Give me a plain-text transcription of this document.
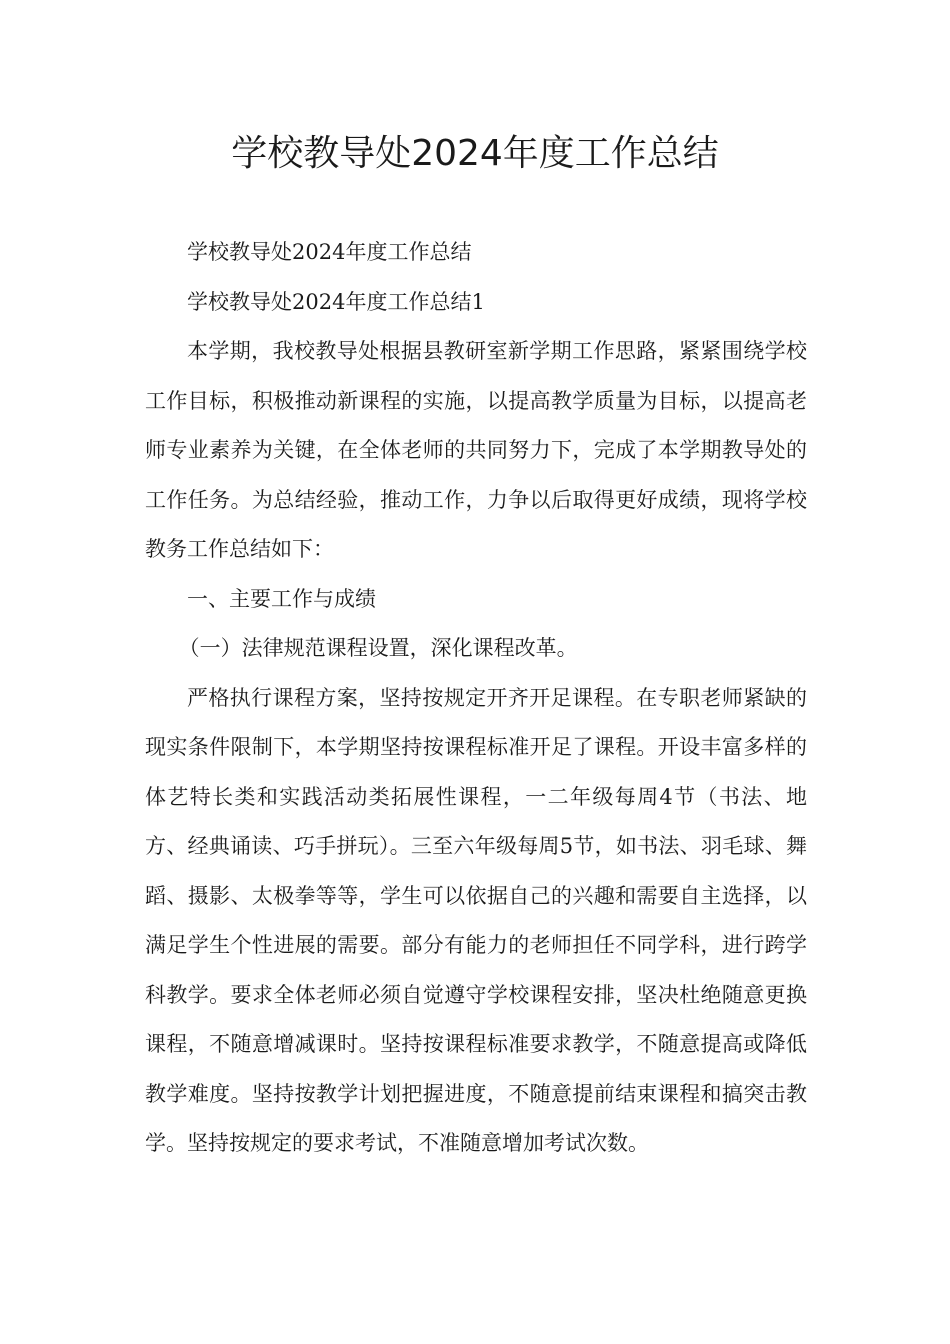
学校教导处2024年度工作总结

学校教导处2024年度工作总结

学校教导处2024年度工作总结1

本学期，我校教导处根据县教研室新学期工作思路，紧紧围绕学校工作目标，积极推动新课程的实施，以提高教学质量为目标，以提高老师专业素养为关键，在全体老师的共同努力下，完成了本学期教导处的工作任务。为总结经验，推动工作，力争以后取得更好成绩，现将学校教务工作总结如下：

一、主要工作与成绩

（一）法律规范课程设置，深化课程改革。

严格执行课程方案，坚持按规定开齐开足课程。在专职老师紧缺的现实条件限制下，本学期坚持按课程标准开足了课程。开设丰富多样的体艺特长类和实践活动类拓展性课程，一二年级每周4节（书法、地方、经典诵读、巧手拼玩）。三至六年级每周5节，如书法、羽毛球、舞蹈、摄影、太极拳等等，学生可以依据自己的兴趣和需要自主选择，以满足学生个性进展的需要。部分有能力的老师担任不同学科，进行跨学科教学。要求全体老师必须自觉遵守学校课程安排，坚决杜绝随意更换课程，不随意增减课时。坚持按课程标准要求教学，不随意提高或降低教学难度。坚持按教学计划把握进度，不随意提前结束课程和搞突击教学。坚持按规定的要求考试，不准随意增加考试次数。
